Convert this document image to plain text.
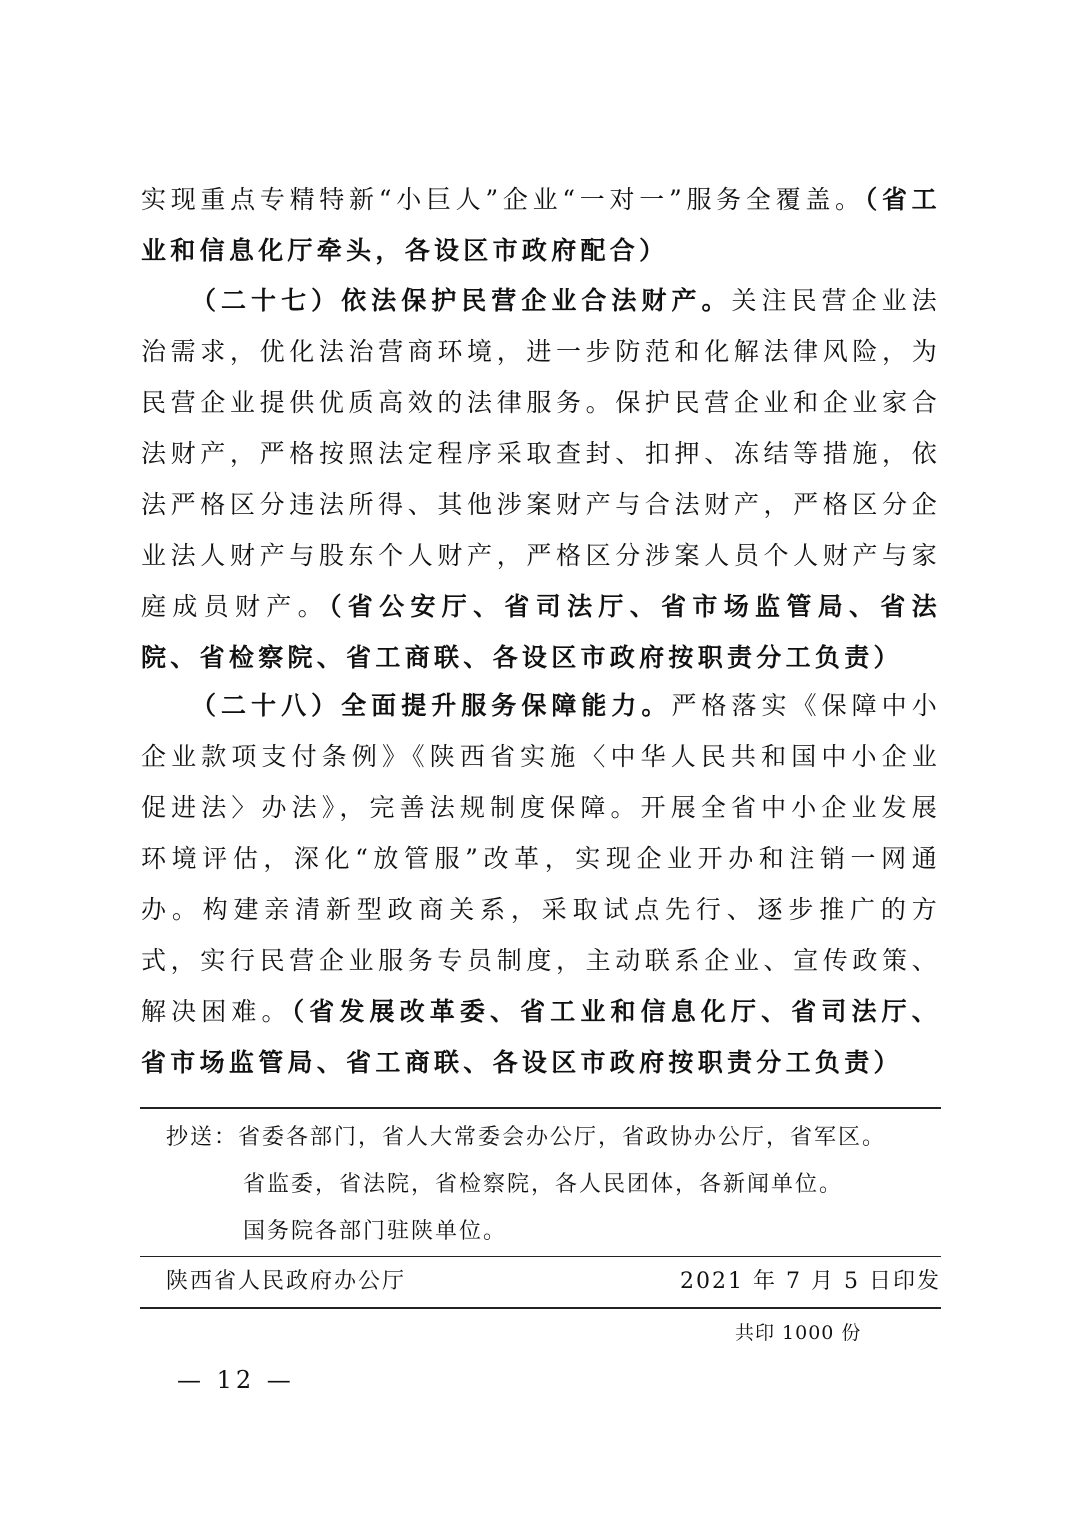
实现重点专精特新“小巨人”企业“一对一”服务全覆盖。（省工业和信息化厅牵头，各设区市政府配合）

（二十七）依法保护民营企业合法财产。关注民营企业法治需求，优化法治营商环境，进一步防范和化解法律风险，为民营企业提供优质高效的法律服务。保护民营企业和企业家合法财产，严格按照法定程序采取查封、扣押、冻结等措施，依法严格区分违法所得、其他涉案财产与合法财产，严格区分企业法人财产与股东个人财产，严格区分涉案人员个人财产与家庭成员财产。（省公安厅、省司法厅、省市场监管局、省法院、省检察院、省工商联、各设区市政府按职责分工负责）

（二十八）全面提升服务保障能力。严格落实《保障中小企业款项支付条例》《陕西省实施〈中华人民共和国中小企业促进法〉办法》，完善法规制度保障。开展全省中小企业发展环境评估，深化“放管服”改革，实现企业开办和注销一网通办。构建亲清新型政商关系，采取试点先行、逐步推广的方式，实行民营企业服务专员制度，主动联系企业、宣传政策、解决困难。（省发展改革委、省工业和信息化厅、省司法厅、省市场监管局、省工商联、各设区市政府按职责分工负责）

抄送：省委各部门，省人大常委会办公厅，省政协办公厅，省军区。
省监委，省法院，省检察院，各人民团体，各新闻单位。
国务院各部门驻陕单位。
陕西省人民政府办公厅	2021 年 7 月 5 日印发
共印 1000 份
— 12 —
